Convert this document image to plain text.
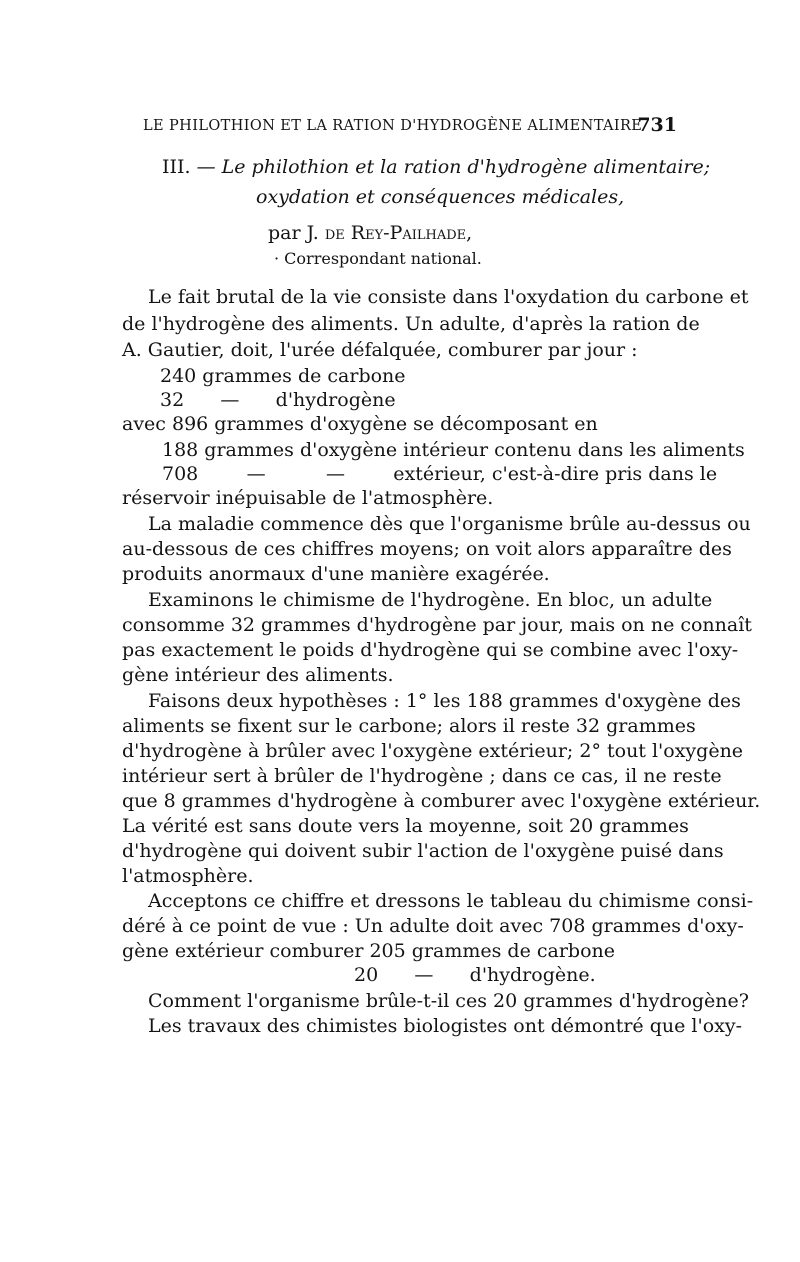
LE PHILOTHION ET LA RATION D'HYDROGÈNE ALIMENTAIRE
731
III. — Le philothion et la ration d'hydrogène alimentaire;
oxydation et conséquences médicales,
par J. de Rey-Pailhade,
· Correspondant national.
Le fait brutal de la vie consiste dans l'oxydation du carbone et
de l'hydrogène des aliments. Un adulte, d'après la ration de
A. Gautier, doit, l'urée défalquée, comburer par jour :
240 grammes de carbone
32      —      d'hydrogène
avec 896 grammes d'oxygène se décomposant en
188 grammes d'oxygène intérieur contenu dans les aliments
708        —          —        extérieur, c'est-à-dire pris dans le
réservoir inépuisable de l'atmosphère.
La maladie commence dès que l'organisme brûle au-dessus ou
au-dessous de ces chiffres moyens; on voit alors apparaître des
produits anormaux d'une manière exagérée.
Examinons le chimisme de l'hydrogène. En bloc, un adulte
consomme 32 grammes d'hydrogène par jour, mais on ne connaît
pas exactement le poids d'hydrogène qui se combine avec l'oxy-
gène intérieur des aliments.
Faisons deux hypothèses : 1° les 188 grammes d'oxygène des
aliments se fixent sur le carbone; alors il reste 32 grammes
d'hydrogène à brûler avec l'oxygène extérieur; 2° tout l'oxygène
intérieur sert à brûler de l'hydrogène ; dans ce cas, il ne reste
que 8 grammes d'hydrogène à comburer avec l'oxygène extérieur.
La vérité est sans doute vers la moyenne, soit 20 grammes
d'hydrogène qui doivent subir l'action de l'oxygène puisé dans
l'atmosphère.
Acceptons ce chiffre et dressons le tableau du chimisme consi-
déré à ce point de vue : Un adulte doit avec 708 grammes d'oxy-
gène extérieur comburer 205 grammes de carbone
20      —      d'hydrogène.
Comment l'organisme brûle-t-il ces 20 grammes d'hydrogène?
Les travaux des chimistes biologistes ont démontré que l'oxy-
